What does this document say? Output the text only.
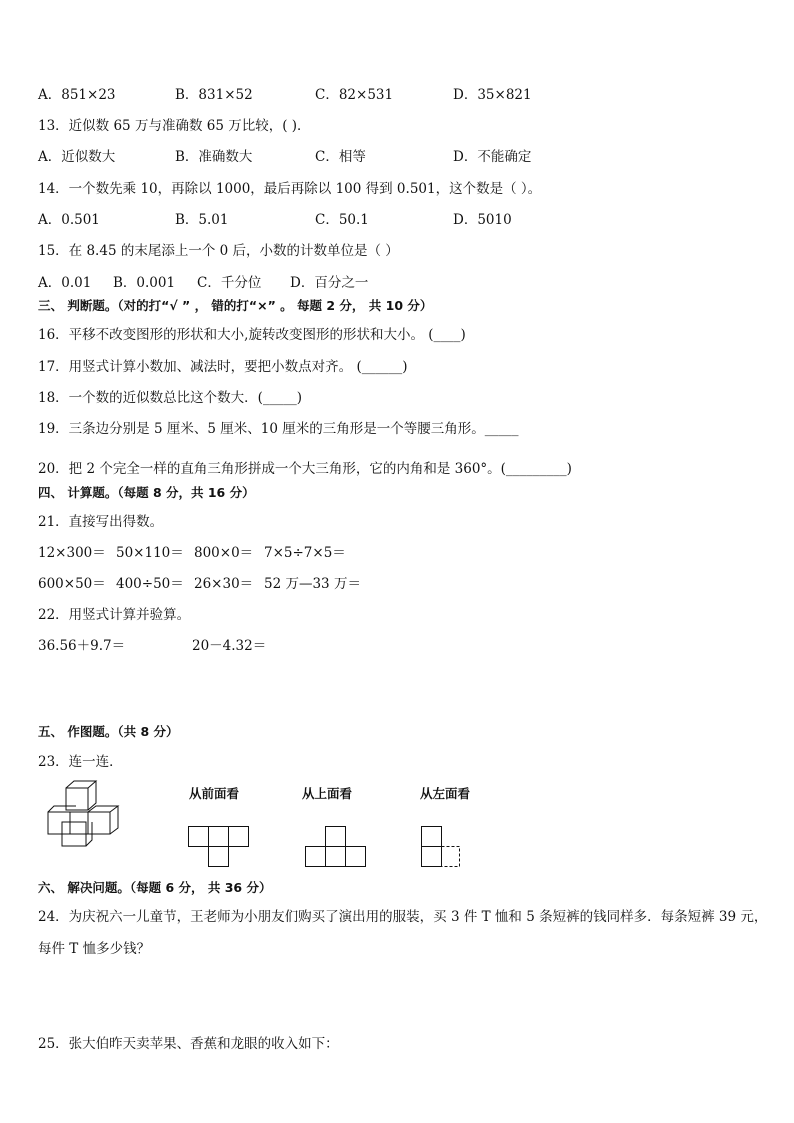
A．851×23	B．831×52	C．82×531	D．35×821
13．近似数 65 万与准确数 65 万比较，( )．
A．近似数大	B．准确数大	C．相等	D．不能确定
14．一个数先乘 10，再除以 1000，最后再除以 100 得到 0.501，这个数是（ ）。
A．0.501	B．5.01	C．50.1	D．5010
15．在 8.45 的末尾添上一个 0 后，小数的计数单位是（ ）
A．0.01 B．0.001 C．千分位 D．百分之一
三、 判断题。（对的打“√ ” ， 错的打“×” 。 每题 2 分， 共 10 分）
16．平移不改变图形的形状和大小,旋转改变图形的形状和大小。 (____)
17．用竖式计算小数加、减法时，要把小数点对齐。 (______)
18．一个数的近似数总比这个数大．(_____)
19．三条边分别是 5 厘米、5 厘米、10 厘米的三角形是一个等腰三角形。_____
20．把 2 个完全一样的直角三角形拼成一个大三角形，它的内角和是 360°。(_________)
四、 计算题。（每题 8 分，共 16 分）
21．直接写出得数。
12×300＝ 50×110＝ 800×0＝ 7×5÷7×5＝
600×50＝ 400÷50＝ 26×30＝ 52 万—33 万＝
22．用竖式计算并验算。
36.56＋9.7＝	20－4.32＝
五、 作图题。（共 8 分）
23．连一连．
从前面看	从上面看	从左面看
六、 解决问题。（每题 6 分， 共 36 分）
24．为庆祝六一儿童节，王老师为小朋友们购买了演出用的服装，买 3 件 T 恤和 5 条短裤的钱同样多．每条短裤 39 元，
每件 T 恤多少钱？
25．张大伯昨天卖苹果、香蕉和龙眼的收入如下：
